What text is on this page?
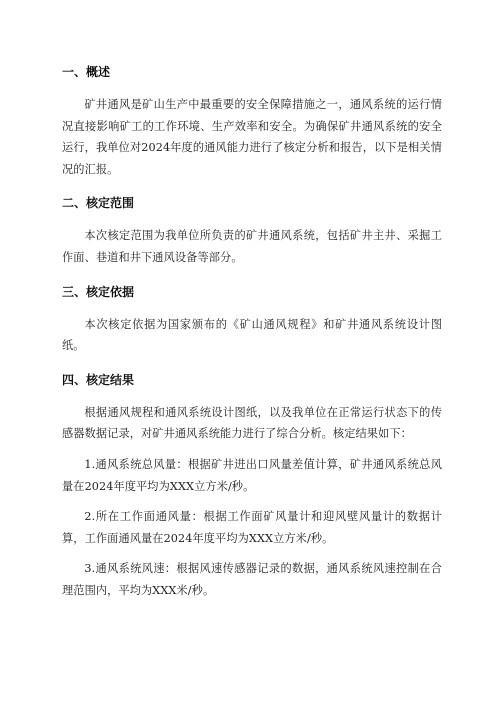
一、概述

矿井通风是矿山生产中最重要的安全保障措施之一，通风系统的运行情况直接影响矿工的工作环境、生产效率和安全。为确保矿井通风系统的安全运行，我单位对2024年度的通风能力进行了核定分析和报告，以下是相关情况的汇报。

二、核定范围

本次核定范围为我单位所负责的矿井通风系统，包括矿井主井、采掘工作面、巷道和井下通风设备等部分。

三、核定依据

本次核定依据为国家颁布的《矿山通风规程》和矿井通风系统设计图纸。

四、核定结果

根据通风规程和通风系统设计图纸，以及我单位在正常运行状态下的传感器数据记录，对矿井通风系统能力进行了综合分析。核定结果如下：

1.通风系统总风量：根据矿井进出口风量差值计算，矿井通风系统总风量在2024年度平均为XXX立方米/秒。

2.所在工作面通风量：根据工作面矿风量计和迎风壁风量计的数据计算，工作面通风量在2024年度平均为XXX立方米/秒。

3.通风系统风速：根据风速传感器记录的数据，通风系统风速控制在合理范围内，平均为XXX米/秒。
